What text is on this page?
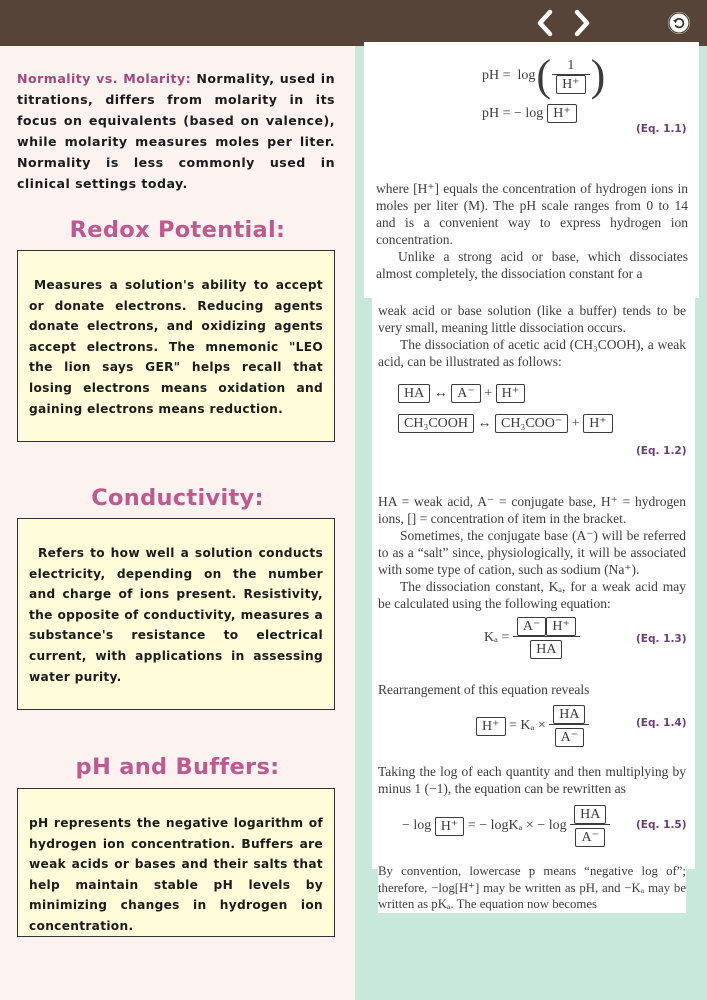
Normality vs. Molarity: Normality, used in titrations, differs from molarity in its focus on equivalents (based on valence), while molarity measures moles per liter. Normality is less commonly used in clinical settings today.

Redox Potential:
Measures a solution's ability to accept or donate electrons. Reducing agents donate electrons, and oxidizing agents accept electrons. The mnemonic "LEO the lion says GER" helps recall that losing electrons means oxidation and gaining electrons means reduction.
Conductivity:
Refers to how well a solution conducts electricity, depending on the number and charge of ions present. Resistivity, the opposite of conductivity, measures a substance's resistance to electrical current, with applications in assessing water purity.
pH and Buffers:
pH represents the negative logarithm of hydrogen ion concentration. Buffers are weak acids or bases and their salts that help maintain stable pH levels by minimizing changes in hydrogen ion concentration.
pH =  log ( $\frac{1}{H^+}$ )
pH = − log H⁺
(Eq. 1.1)
where [H⁺] equals the concentration of hydrogen ions in moles per liter (M). The pH scale ranges from 0 to 14 and is a convenient way to express hydrogen ion concentration.
Unlike a strong acid or base, which dissociates almost completely, the dissociation constant for a
weak acid or base solution (like a buffer) tends to be very small, meaning little dissociation occurs.
The dissociation of acetic acid (CH₃COOH), a weak acid, can be illustrated as follows:
HA ↔ A⁻ + H⁺
CH₃COOH ↔ CH₃COO⁻ + H⁺
(Eq. 1.2)
HA = weak acid, A⁻ = conjugate base, H⁺ = hydrogen ions, [] = concentration of item in the bracket.
Sometimes, the conjugate base (A⁻) will be referred to as a “salt” since, physiologically, it will be associated with some type of cation, such as sodium (Na⁺).
The dissociation constant, Kₐ, for a weak acid may be calculated using the following equation:
$K_a = \frac{A^- H^+}{HA}$	(Eq. 1.3)
Rearrangement of this equation reveals
$H^+ = K_a \times \frac{HA}{A^-}$	(Eq. 1.4)
Taking the log of each quantity and then multiplying by minus 1 (−1), the equation can be rewritten as
− log H⁺ = − logKₐ × − $\log \frac{HA}{A^-} (Eq$. 1.5)
By convention, lowercase p means “negative log of”; therefore, −log[H⁺] may be written as pH, and −Kₐ may be written as pKₐ. The equation now becomes
